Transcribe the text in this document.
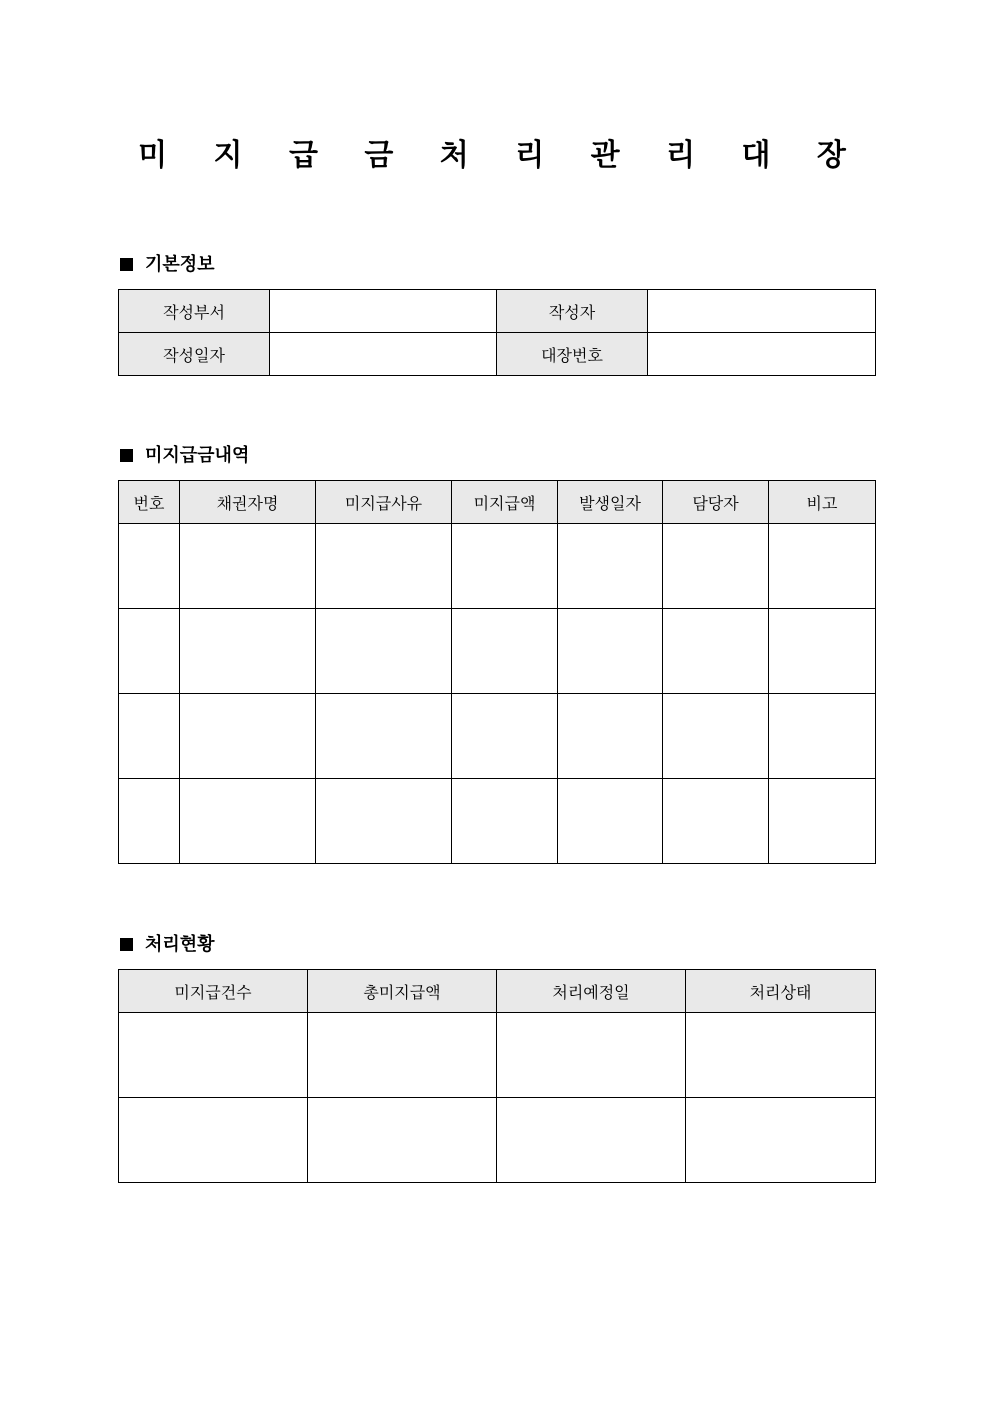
미 지 급 금 처 리 관 리 대 장
기본정보
작성부서		작성자	
작성일자		대장번호	
미지급금내역
번호	채권자명	미지급사유	미지급액	발생일자	담당자	비고

처리현황
미지급건수	총미지급액	처리예정일	처리상태
